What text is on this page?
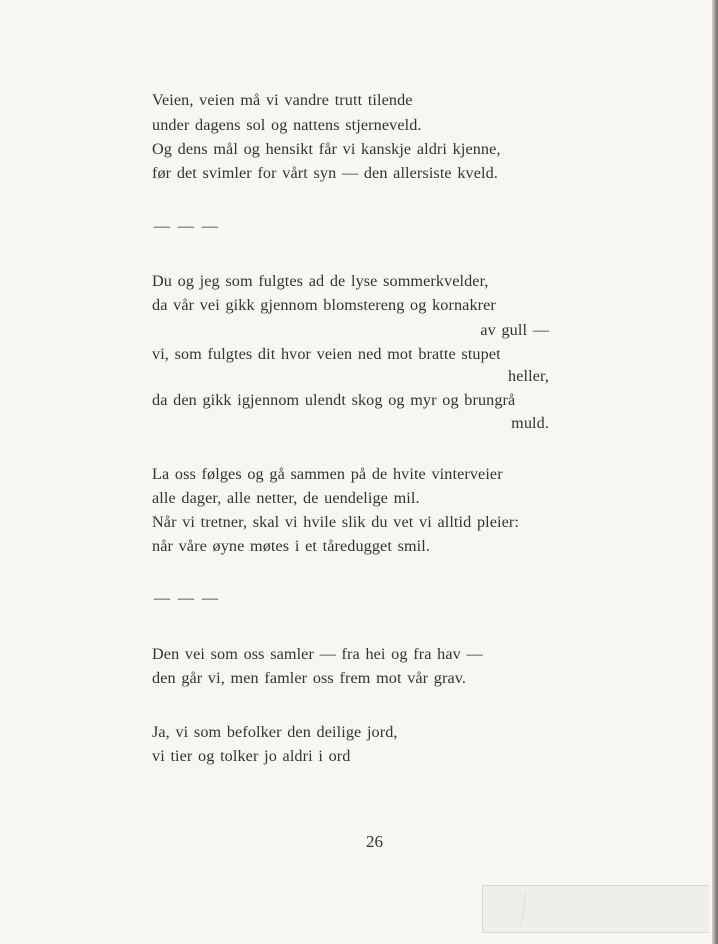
Veien, veien må vi vandre trutt tilende
under dagens sol og nattens stjerneveld.
Og dens mål og hensikt får vi kanskje aldri kjenne,
før det svimler for vårt syn — den allersiste kveld.
— — —
Du og jeg som fulgtes ad de lyse sommerkvelder,
da vår vei gikk gjennom blomstereng og kornakrer
av gull —
vi, som fulgtes dit hvor veien ned mot bratte stupet
heller,
da den gikk igjennom ulendt skog og myr og brungrå
muld.
La oss følges og gå sammen på de hvite vinterveier
alle dager, alle netter, de uendelige mil.
Når vi tretner, skal vi hvile slik du vet vi alltid pleier:
når våre øyne møtes i et tåredugget smil.
— — —
Den vei som oss samler — fra hei og fra hav —
den går vi, men famler oss frem mot vår grav.
Ja, vi som befolker den deilige jord,
vi tier og tolker jo aldri i ord
26
